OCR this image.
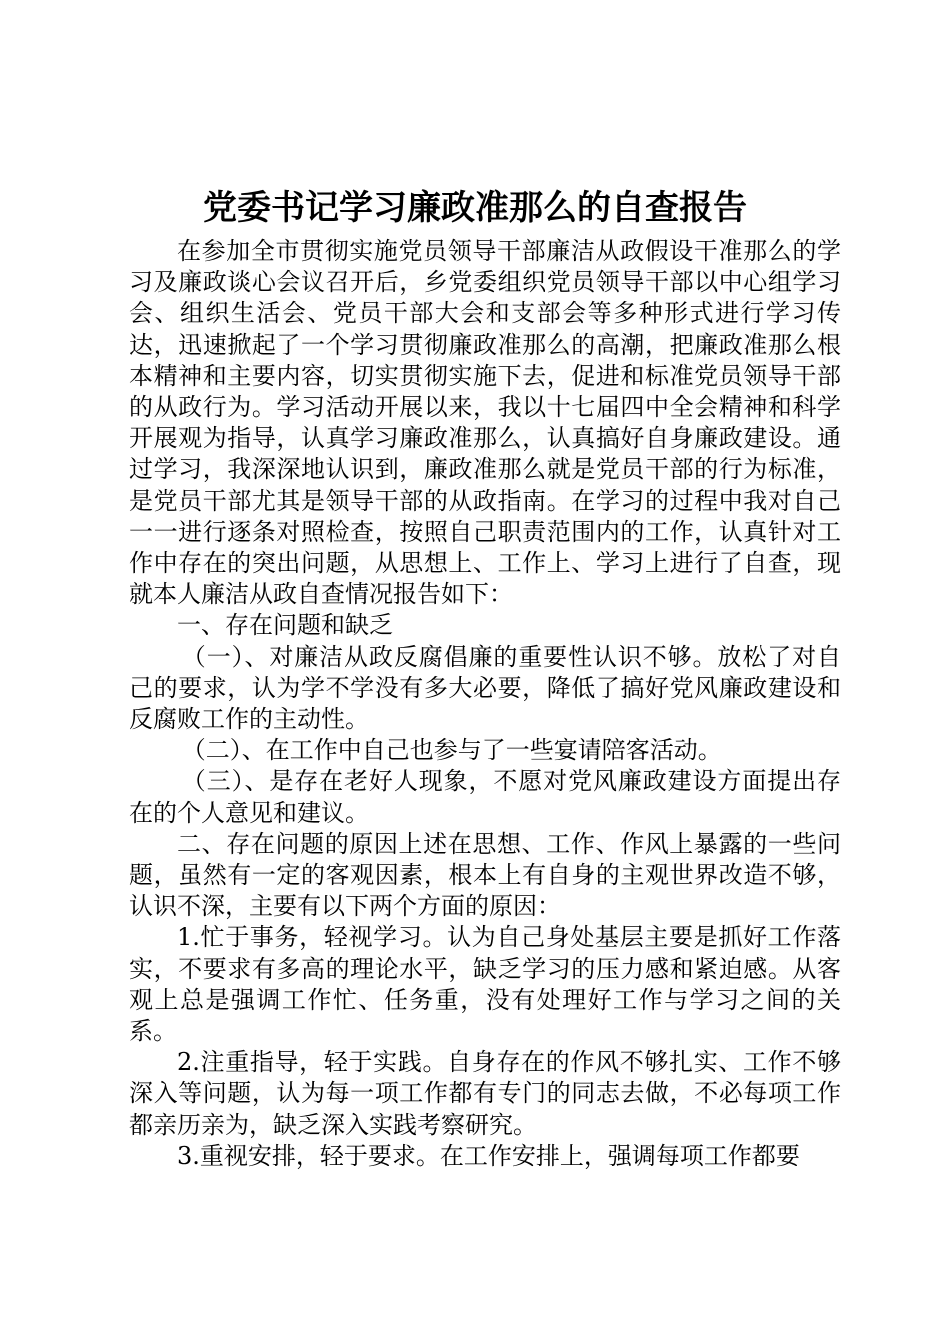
党委书记学习廉政准那么的自查报告

在参加全市贯彻实施党员领导干部廉洁从政假设干准那么的学习及廉政谈心会议召开后，乡党委组织党员领导干部以中心组学习会、组织生活会、党员干部大会和支部会等多种形式进行学习传达，迅速掀起了一个学习贯彻廉政准那么的高潮，把廉政准那么根本精神和主要内容，切实贯彻实施下去，促进和标准党员领导干部的从政行为。学习活动开展以来，我以十七届四中全会精神和科学开展观为指导，认真学习廉政准那么，认真搞好自身廉政建设。通过学习，我深深地认识到，廉政准那么就是党员干部的行为标准，是党员干部尤其是领导干部的从政指南。在学习的过程中我对自己一一进行逐条对照检查，按照自己职责范围内的工作，认真针对工作中存在的突出问题，从思想上、工作上、学习上进行了自查，现就本人廉洁从政自查情况报告如下：

一、存在问题和缺乏

（一）、对廉洁从政反腐倡廉的重要性认识不够。放松了对自己的要求，认为学不学没有多大必要，降低了搞好党风廉政建设和反腐败工作的主动性。

（二）、在工作中自己也参与了一些宴请陪客活动。

（三）、是存在老好人现象，不愿对党风廉政建设方面提出存在的个人意见和建议。

二、存在问题的原因上述在思想、工作、作风上暴露的一些问题，虽然有一定的客观因素，根本上有自身的主观世界改造不够，认识不深，主要有以下两个方面的原因：

1.忙于事务，轻视学习。认为自己身处基层主要是抓好工作落实，不要求有多高的理论水平，缺乏学习的压力感和紧迫感。从客观上总是强调工作忙、任务重，没有处理好工作与学习之间的关系。

2.注重指导，轻于实践。自身存在的作风不够扎实、工作不够深入等问题，认为每一项工作都有专门的同志去做，不必每项工作都亲历亲为，缺乏深入实践考察研究。

3.重视安排，轻于要求。在工作安排上，强调每项工作都要
